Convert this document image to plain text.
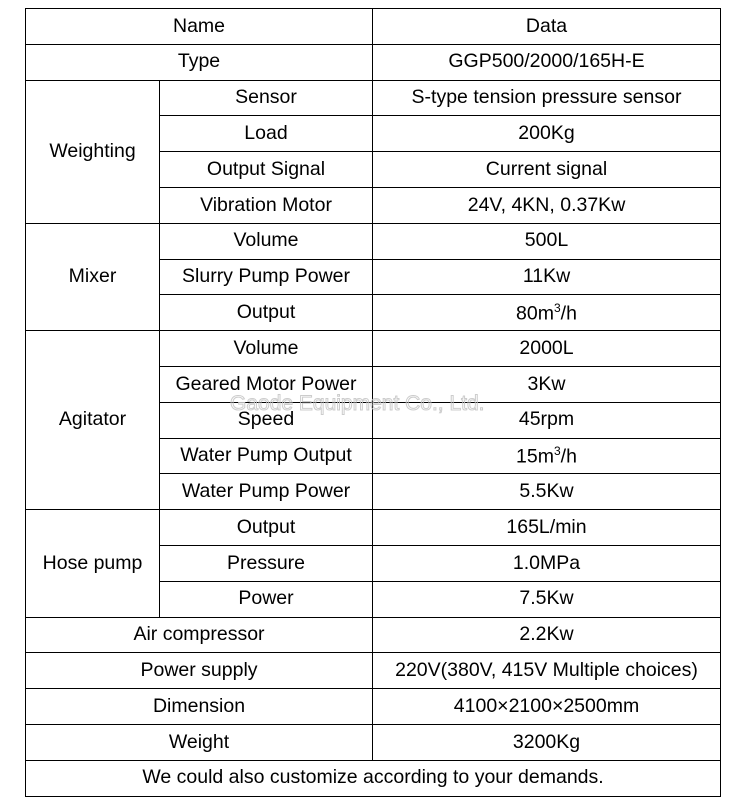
Name		Data
Type		GGP500/2000/165H-E
Weighting	Sensor	S-type tension pressure sensor
	Load	200Kg
	Output Signal	Current signal
	Vibration Motor	24V, 4KN, 0.37Kw
Mixer	Volume	500L
	Slurry Pump Power	11Kw
	Output	$80m^3/h$
Agitator	Volume	2000L
	Geared Motor Power	3Kw
	Speed	45rpm
	Water Pump Output	$15m^3/h$
	Water Pump Power	5.5Kw
Hose pump	Output	165L/min
	Pressure	1.0MPa
	Power	7.5Kw
Air compressor		2.2Kw
Power supply		220V(380V, 415V Multiple choices)
Dimension		4100×2100×2500mm
Weight		3200Kg
We could also customize according to your demands.		
Gaode Equipment Co., Ltd.
